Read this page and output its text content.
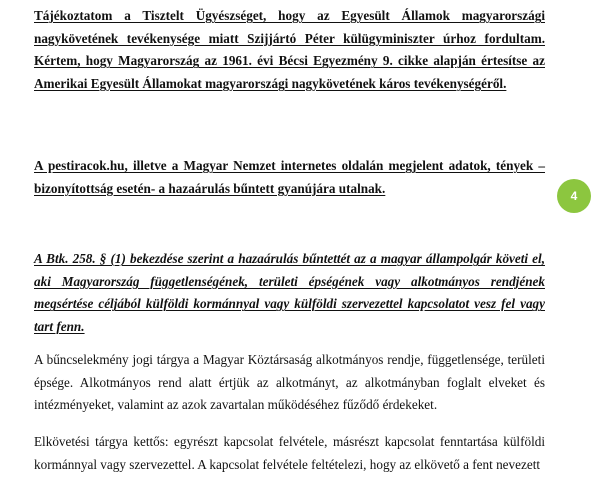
Tájékoztatom a Tisztelt Ügyészséget, hogy az Egyesült Államok magyarországi nagykövetének tevékenysége miatt Szijjártó Péter külügyminiszter úrhoz fordultam. Kértem, hogy Magyarország az 1961. évi Bécsi Egyezmény 9. cikke alapján értesítse az Amerikai Egyesült Államokat magyarországi nagykövetének káros tevékenységéről.

A pestiracok.hu, illetve a Magyar Nemzet internetes oldalán megjelent adatok, tények – bizonyítottság esetén- a hazaárulás bűntett gyanújára utalnak.

A Btk. 258. § (1) bekezdése szerint a hazaárulás bűntettét az a magyar állampolgár követi el, aki Magyarország függetlenségének, területi épségének vagy alkotmányos rendjének megsértése céljából külföldi kormánnyal vagy külföldi szervezettel kapcsolatot vesz fel vagy tart fenn.

A bűncselekmény jogi tárgya a Magyar Köztársaság alkotmányos rendje, függetlensége, területi épsége. Alkotmányos rend alatt értjük az alkotmányt, az alkotmányban foglalt elveket és intézményeket, valamint az azok zavartalan működéséhez fűződő érdekeket.

Elkövetési tárgya kettős: egyrészt kapcsolat felvétele, másrészt kapcsolat fenntartása külföldi kormánnyal vagy szervezettel. A kapcsolat felvétele feltételezi, hogy az elkövető a fent nevezett

4
